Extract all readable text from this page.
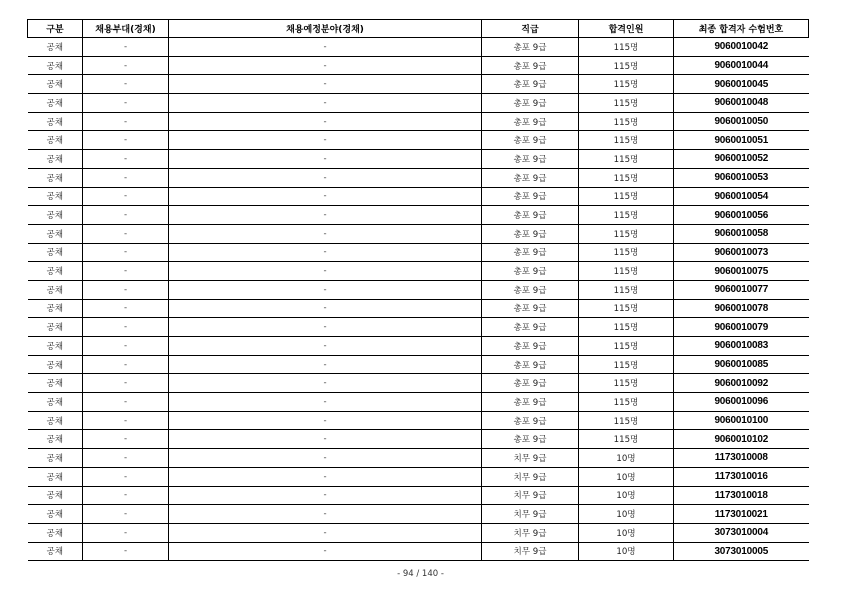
구분	채용부대(경채)	채용예정분야(경채)	직급	합격인원	최종 합격자 수험번호
공채	-	-	총포 9급	115명	9060010042
공채	-	-	총포 9급	115명	9060010044
공채	-	-	총포 9급	115명	9060010045
공채	-	-	총포 9급	115명	9060010048
공채	-	-	총포 9급	115명	9060010050
공채	-	-	총포 9급	115명	9060010051
공채	-	-	총포 9급	115명	9060010052
공채	-	-	총포 9급	115명	9060010053
공채	-	-	총포 9급	115명	9060010054
공채	-	-	총포 9급	115명	9060010056
공채	-	-	총포 9급	115명	9060010058
공채	-	-	총포 9급	115명	9060010073
공채	-	-	총포 9급	115명	9060010075
공채	-	-	총포 9급	115명	9060010077
공채	-	-	총포 9급	115명	9060010078
공채	-	-	총포 9급	115명	9060010079
공채	-	-	총포 9급	115명	9060010083
공채	-	-	총포 9급	115명	9060010085
공채	-	-	총포 9급	115명	9060010092
공채	-	-	총포 9급	115명	9060010096
공채	-	-	총포 9급	115명	9060010100
공채	-	-	총포 9급	115명	9060010102
공채	-	-	치무 9급	10명	1173010008
공채	-	-	치무 9급	10명	1173010016
공채	-	-	치무 9급	10명	1173010018
공채	-	-	치무 9급	10명	1173010021
공채	-	-	치무 9급	10명	3073010004
공채	-	-	치무 9급	10명	3073010005
- 94 / 140 -
